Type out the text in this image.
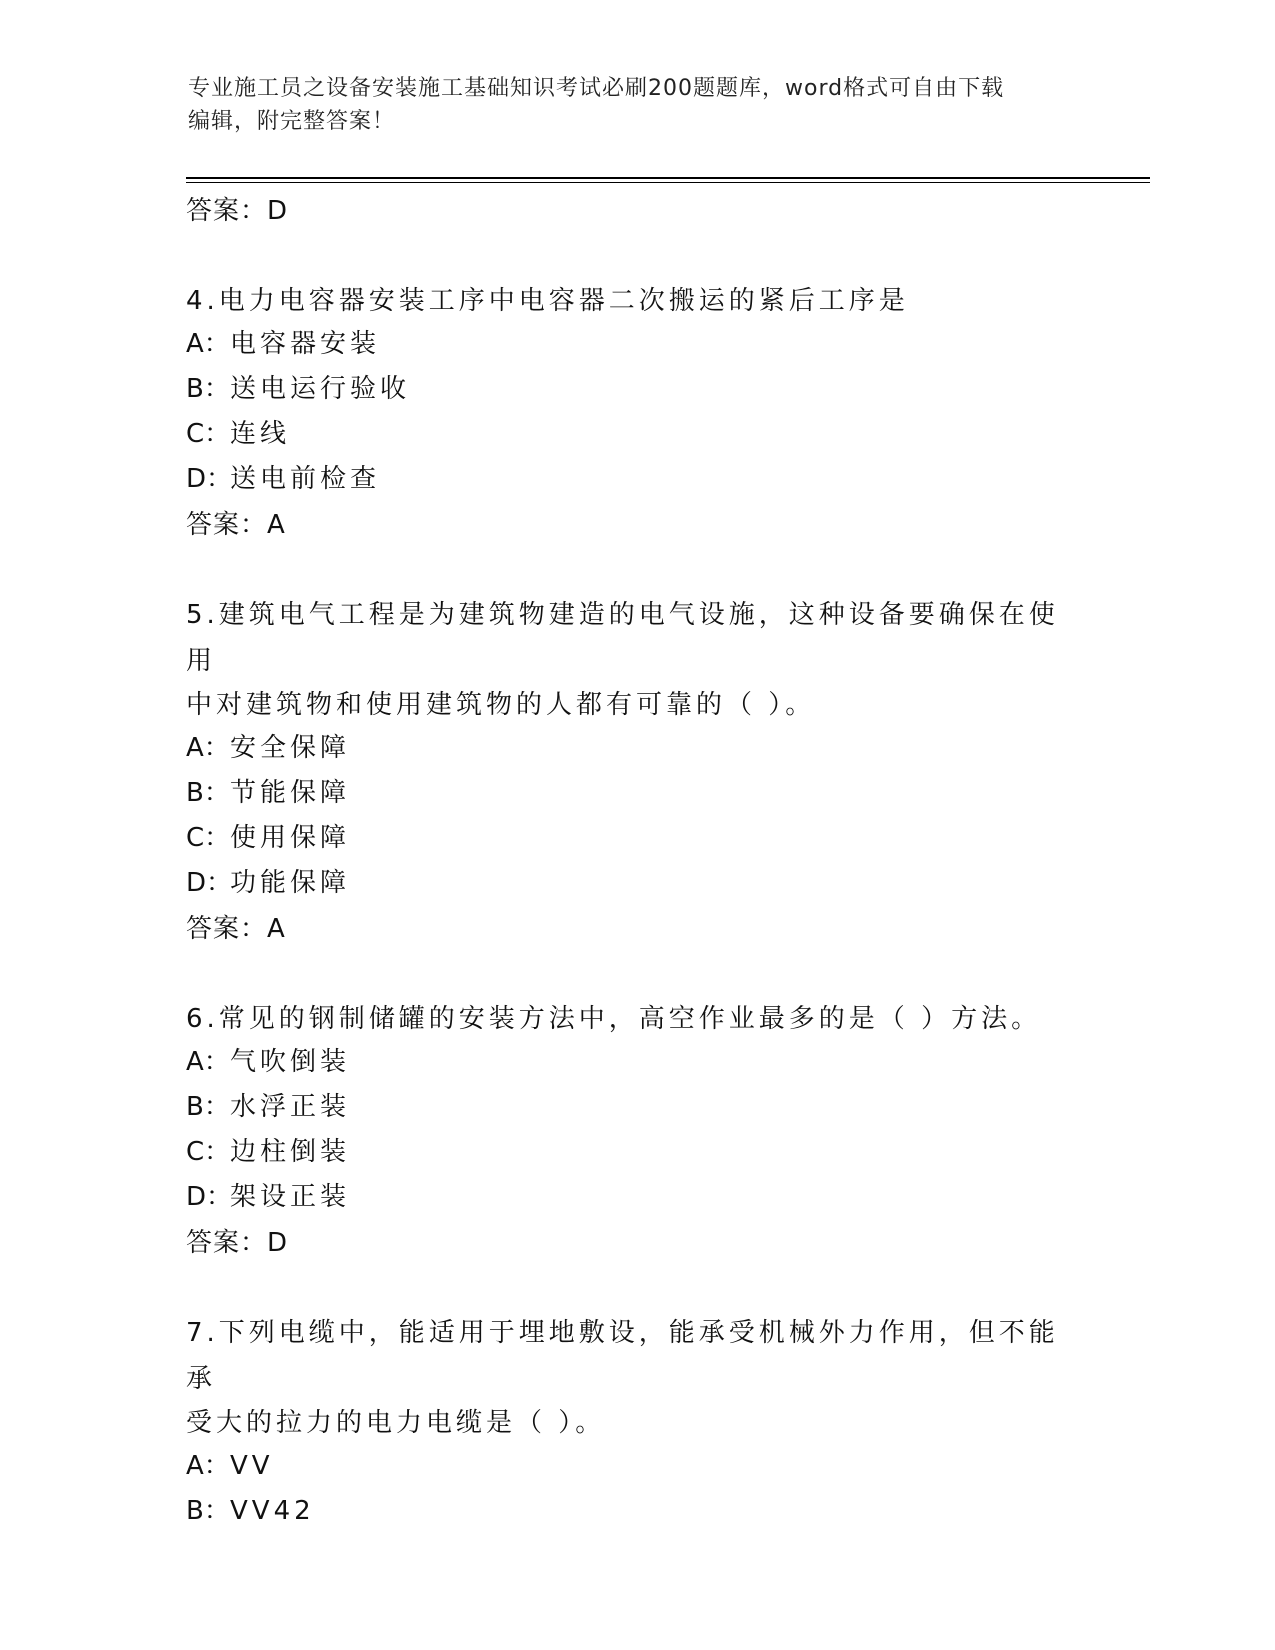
专业施工员之设备安装施工基础知识考试必刷200题题库，word格式可自由下载
编辑，附完整答案！
答案：D
4.电力电容器安装工序中电容器二次搬运的紧后工序是
A：电容器安装
B：送电运行验收
C：连线
D：送电前检查
答案：A
5.建筑电气工程是为建筑物建造的电气设施，这种设备要确保在使用
中对建筑物和使用建筑物的人都有可靠的（ ）。
A：安全保障
B：节能保障
C：使用保障
D：功能保障
答案：A
6.常见的钢制储罐的安装方法中，高空作业最多的是（ ）方法。
A：气吹倒装
B：水浮正装
C：边柱倒装
D：架设正装
答案：D
7.下列电缆中，能适用于埋地敷设，能承受机械外力作用，但不能承
受大的拉力的电力电缆是（ ）。
A：VV
B：VV42
